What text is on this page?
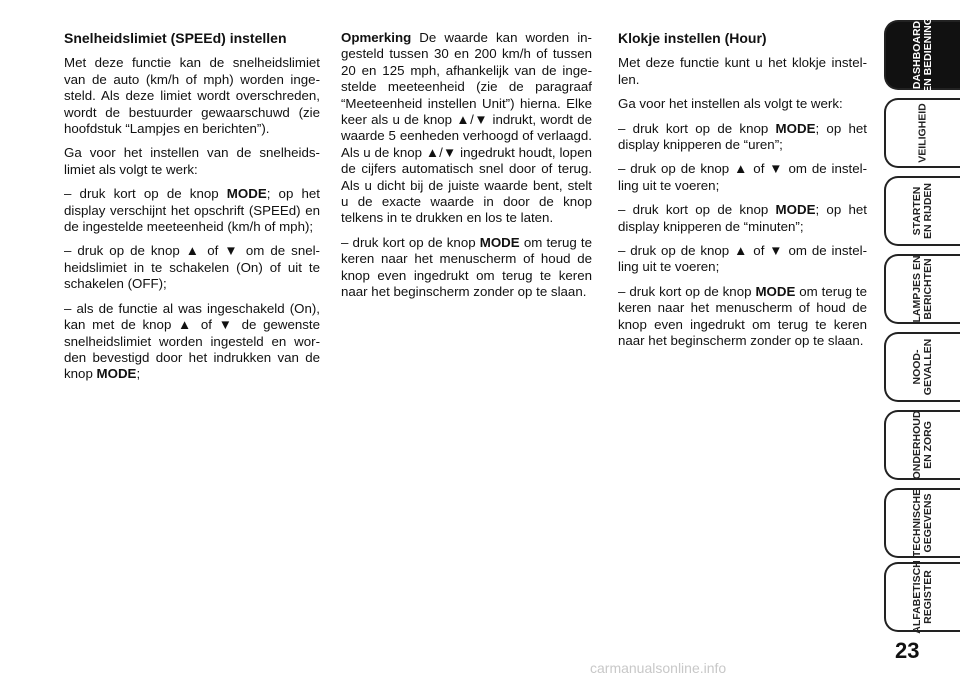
Snelheidslimiet (SPEEd) instellen

Met deze functie kan de snelheidslimiet van de auto (km/h of mph) worden inge-steld. Als deze limiet wordt overschreden, wordt de bestuurder gewaarschuwd (zie hoofdstuk “Lampjes en berichten”).

Ga voor het instellen van de snelheids-limiet als volgt te werk:

– druk kort op de knop MODE; op het display verschijnt het opschrift (SPEEd) en de ingestelde meeteenheid (km/h of mph);

– druk op de knop ▲ of ▼ om de snel-heidslimiet in te schakelen (On) of uit te schakelen (OFF);

– als de functie al was ingeschakeld (On), kan met de knop ▲ of ▼ de gewenste snelheidslimiet worden ingesteld en wor-den bevestigd door het indrukken van de knop MODE;

Opmerking De waarde kan worden in-gesteld tussen 30 en 200 km/h of tussen 20 en 125 mph, afhankelijk van de inge-stelde meeteenheid (zie de paragraaf “Meeteenheid instellen Unit”) hierna. Elke keer als u de knop ▲/▼ indrukt, wordt de waarde 5 eenheden verhoogd of verlaagd. Als u de knop ▲/▼ ingedrukt houdt, lopen de cijfers automatisch snel door of terug. Als u dicht bij de juiste waarde bent, stelt u de exacte waarde in door de knop telkens in te drukken en los te laten.

– druk kort op de knop MODE om terug te keren naar het menuscherm of houd de knop even ingedrukt om terug te keren naar het beginscherm zonder op te slaan.

Klokje instellen (Hour)

Met deze functie kunt u het klokje instel-len.

Ga voor het instellen als volgt te werk:

– druk kort op de knop MODE; op het display knipperen de “uren”;

– druk op de knop ▲ of ▼ om de instel-ling uit te voeren;

– druk kort op de knop MODE; op het display knipperen de “minuten”;

– druk op de knop ▲ of ▼ om de instel-ling uit te voeren;

– druk kort op de knop MODE om terug te keren naar het menuscherm of houd de knop even ingedrukt om terug te keren naar het beginscherm zonder op te slaan.

DASHBOARD
EN BEDIENING
VEILIGHEID
STARTEN
EN RIJDEN
LAMPJES EN
BERICHTEN
NOOD-
GEVALLEN
ONDERHOUD
EN ZORG
TECHNISCHE
GEGEVENS
ALFABETISCH
REGISTER
23
carmanualsonline.info
